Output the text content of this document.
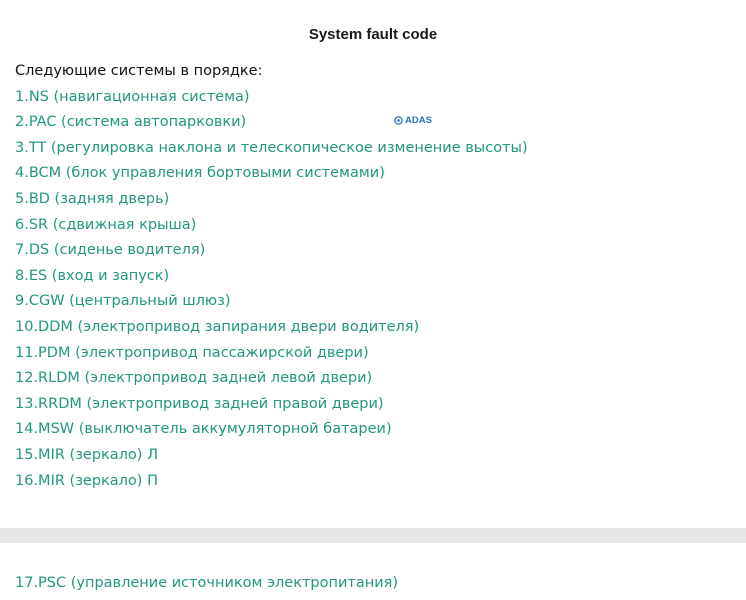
System fault code
Следующие системы в порядке:
1.NS (навигационная система)
2.PAC (система автопарковки)
3.TT (регулировка наклона и телескопическое изменение высоты)
4.BCM (блок управления бортовыми системами)
5.BD (задняя дверь)
6.SR (сдвижная крыша)
7.DS (сиденье водителя)
8.ES (вход и запуск)
9.CGW (центральный шлюз)
10.DDM (электропривод запирания двери водителя)
11.PDM (электропривод пассажирской двери)
12.RLDM (электропривод задней левой двери)
13.RRDM (электропривод задней правой двери)
14.MSW (выключатель аккумуляторной батареи)
15.MIR (зеркало) Л
16.MIR (зеркало) П
ADAS
17.PSC (управление источником электропитания)
